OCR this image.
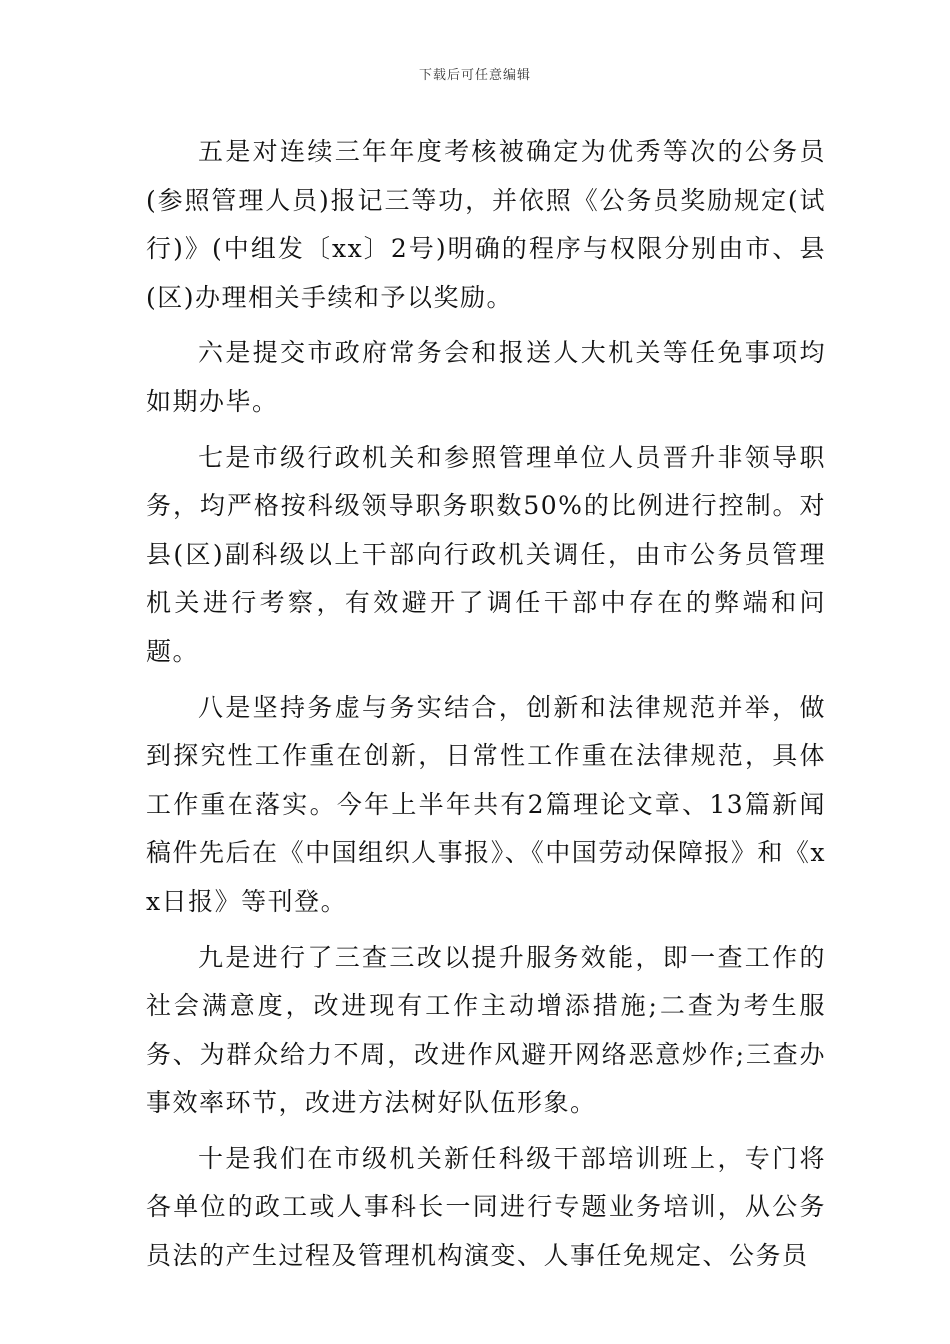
下载后可任意编辑

五是对连续三年年度考核被确定为优秀等次的公务员(参照管理人员)报记三等功，并依照《公务员奖励规定(试行)》(中组发〔xx〕2号)明确的程序与权限分别由市、县(区)办理相关手续和予以奖励。

六是提交市政府常务会和报送人大机关等任免事项均如期办毕。

七是市级行政机关和参照管理单位人员晋升非领导职务，均严格按科级领导职务职数50%的比例进行控制。对县(区)副科级以上干部向行政机关调任，由市公务员管理机关进行考察，有效避开了调任干部中存在的弊端和问题。

八是坚持务虚与务实结合，创新和法律规范并举，做到探究性工作重在创新，日常性工作重在法律规范，具体工作重在落实。今年上半年共有2篇理论文章、13篇新闻稿件先后在《中国组织人事报》、《中国劳动保障报》和《xx日报》等刊登。

九是进行了三查三改以提升服务效能，即一查工作的社会满意度，改进现有工作主动增添措施;二查为考生服务、为群众给力不周，改进作风避开网络恶意炒作;三查办事效率环节，改进方法树好队伍形象。

十是我们在市级机关新任科级干部培训班上，专门将各单位的政工或人事科长一同进行专题业务培训，从公务员法的产生过程及管理机构演变、人事任免规定、公务员
